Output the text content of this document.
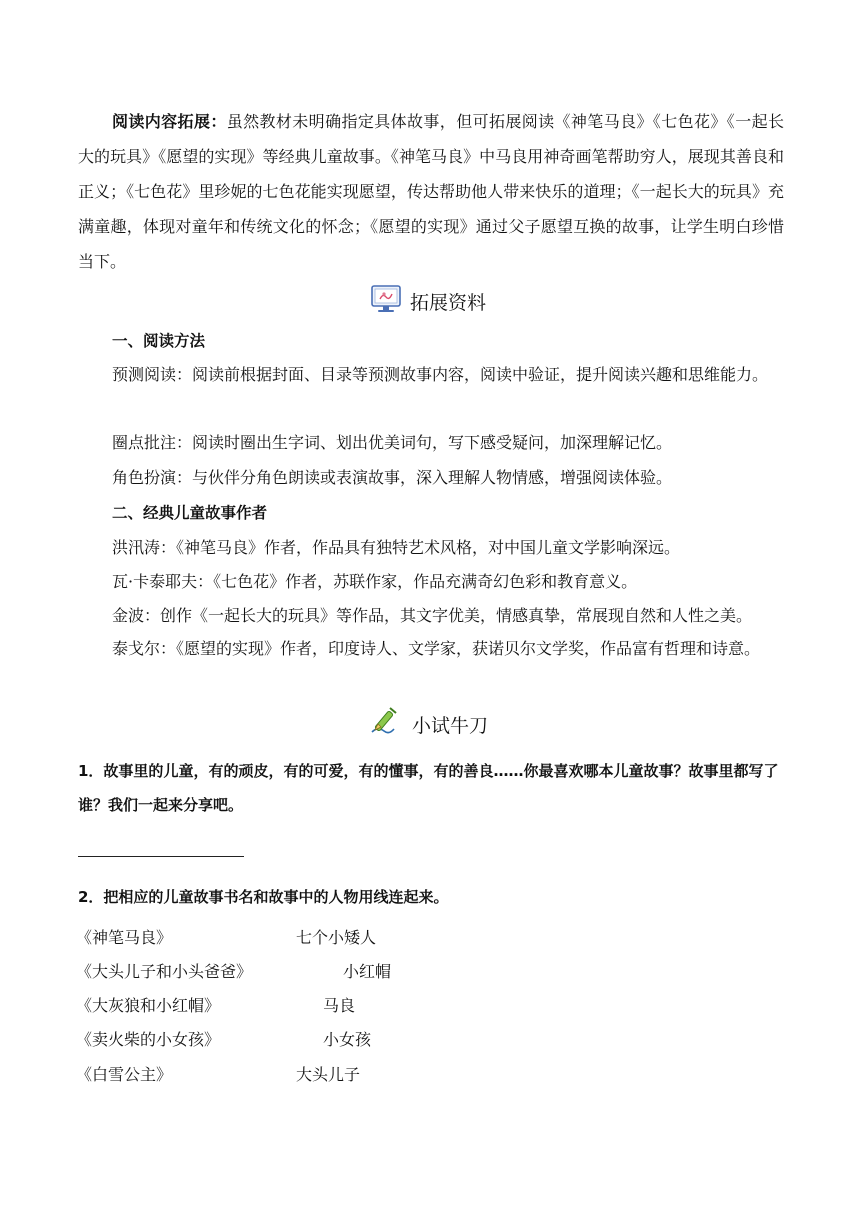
阅读内容拓展：虽然教材未明确指定具体故事，但可拓展阅读《神笔马良》《七色花》《一起长大的玩具》《愿望的实现》等经典儿童故事。《神笔马良》中马良用神奇画笔帮助穷人，展现其善良和正义；《七色花》里珍妮的七色花能实现愿望，传达帮助他人带来快乐的道理；《一起长大的玩具》充满童趣，体现对童年和传统文化的怀念；《愿望的实现》通过父子愿望互换的故事，让学生明白珍惜当下。

拓展资料
一、阅读方法

预测阅读：阅读前根据封面、目录等预测故事内容，阅读中验证，提升阅读兴趣和思维能力。

圈点批注：阅读时圈出生字词、划出优美词句，写下感受疑问，加深理解记忆。
角色扮演：与伙伴分角色朗读或表演故事，深入理解人物情感，增强阅读体验。
二、经典儿童故事作者
洪汛涛：《神笔马良》作者，作品具有独特艺术风格，对中国儿童文学影响深远。
瓦·卡泰耶夫：《七色花》作者，苏联作家，作品充满奇幻色彩和教育意义。
金波：创作《一起长大的玩具》等作品，其文字优美，情感真挚，常展现自然和人性之美。

泰戈尔：《愿望的实现》作者，印度诗人、文学家，获诺贝尔文学奖，作品富有哲理和诗意。

小试牛刀

1．故事里的儿童，有的顽皮，有的可爱，有的懂事，有的善良……你最喜欢哪本儿童故事？故事里都写了谁？我们一起来分享吧。

2．把相应的儿童故事书名和故事中的人物用线连起来。
《神笔马良》
《大头儿子和小头爸爸》
《大灰狼和小红帽》
《卖火柴的小女孩》
《白雪公主》
七个小矮人
小红帽
马良
小女孩
大头儿子
